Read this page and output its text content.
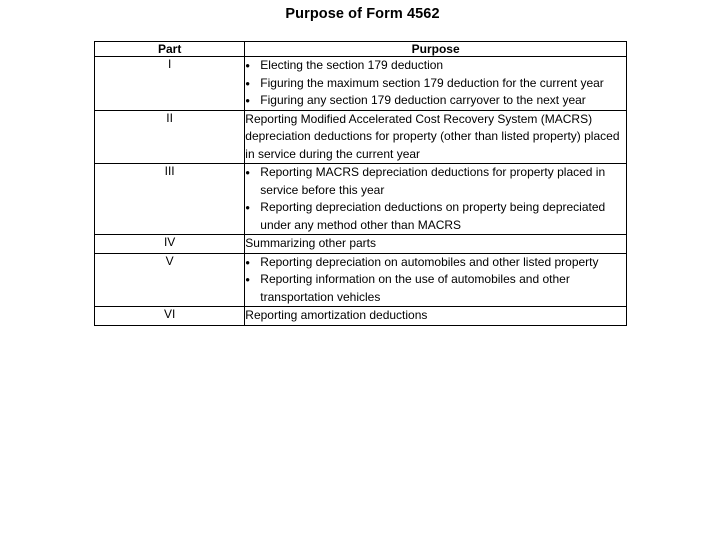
Purpose of Form 4562
Part	Purpose
I	
●Electing the section 179 deduction
● Figuring the maximum section 179 deduction for the current year
● Figuring any section 179 deduction carryover to the next year

II	Reporting Modified Accelerated Cost Recovery System (MACRS) depreciation deductions for property (other than listed property) placed in service during the current year

III	
●Reporting MACRS depreciation deductions for property placed in service before this year
● Reporting depreciation deductions on property being depreciated under any method other than MACRS

IV	Summarizing other parts

V	
●Reporting depreciation on automobiles and other listed property
● Reporting information on the use of automobiles and other transportation vehicles

VI	Reporting amortization deductions
